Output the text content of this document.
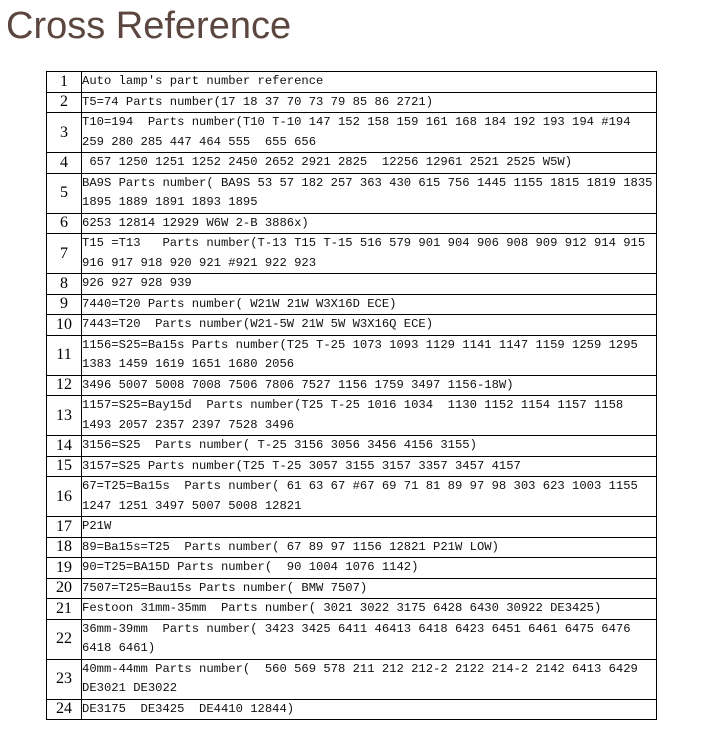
Cross Reference
1	Auto lamp's part number reference
2	T5=74 Parts number(17 18 37 70 73 79 85 86 2721)
3	T10=194  Parts number(T10 T-10 147 152 158 159 161 168 184 192 193 194 #194 259 280 285 447 464 555  655 656
4	657 1250 1251 1252 2450 2652 2921 2825  12256 12961 2521 2525 W5W)
5	BA9S Parts number( BA9S 53 57 182 257 363 430 615 756 1445 1155 1815 1819 1835 1895 1889 1891 1893 1895
6	6253 12814 12929 W6W 2-B 3886x)
7	T15 =T13   Parts number(T-13 T15 T-15 516 579 901 904 906 908 909 912 914 915 916 917 918 920 921 #921 922 923
8	926 927 928 939
9	7440=T20 Parts number( W21W 21W W3X16D ECE)
10	7443=T20  Parts number(W21-5W 21W 5W W3X16Q ECE)
11	1156=S25=Ba15s Parts number(T25 T-25 1073 1093 1129 1141 1147 1159 1259 1295 1383 1459 1619 1651 1680 2056
12	3496 5007 5008 7008 7506 7806 7527 1156 1759 3497 1156-18W)
13	1157=S25=Bay15d  Parts number(T25 T-25 1016 1034  1130 1152 1154 1157 1158 1493 2057 2357 2397 7528 3496
14	3156=S25  Parts number( T-25 3156 3056 3456 4156 3155)
15	3157=S25 Parts number(T25 T-25 3057 3155 3157 3357 3457 4157
16	67=T25=Ba15s  Parts number( 61 63 67 #67 69 71 81 89 97 98 303 623 1003 1155 1247 1251 3497 5007 5008 12821
17	P21W
18	89=Ba15s=T25  Parts number( 67 89 97 1156 12821 P21W LOW)
19	90=T25=BA15D Parts number(  90 1004 1076 1142)
20	7507=T25=Bau15s Parts number( BMW 7507)
21	Festoon 31mm-35mm  Parts number( 3021 3022 3175 6428 6430 30922 DE3425)
22	36mm-39mm  Parts number( 3423 3425 6411 46413 6418 6423 6451 6461 6475 6476 6418 6461)
23	40mm-44mm Parts number(  560 569 578 211 212 212-2 2122 214-2 2142 6413 6429 DE3021 DE3022
24	DE3175  DE3425  DE4410 12844)
